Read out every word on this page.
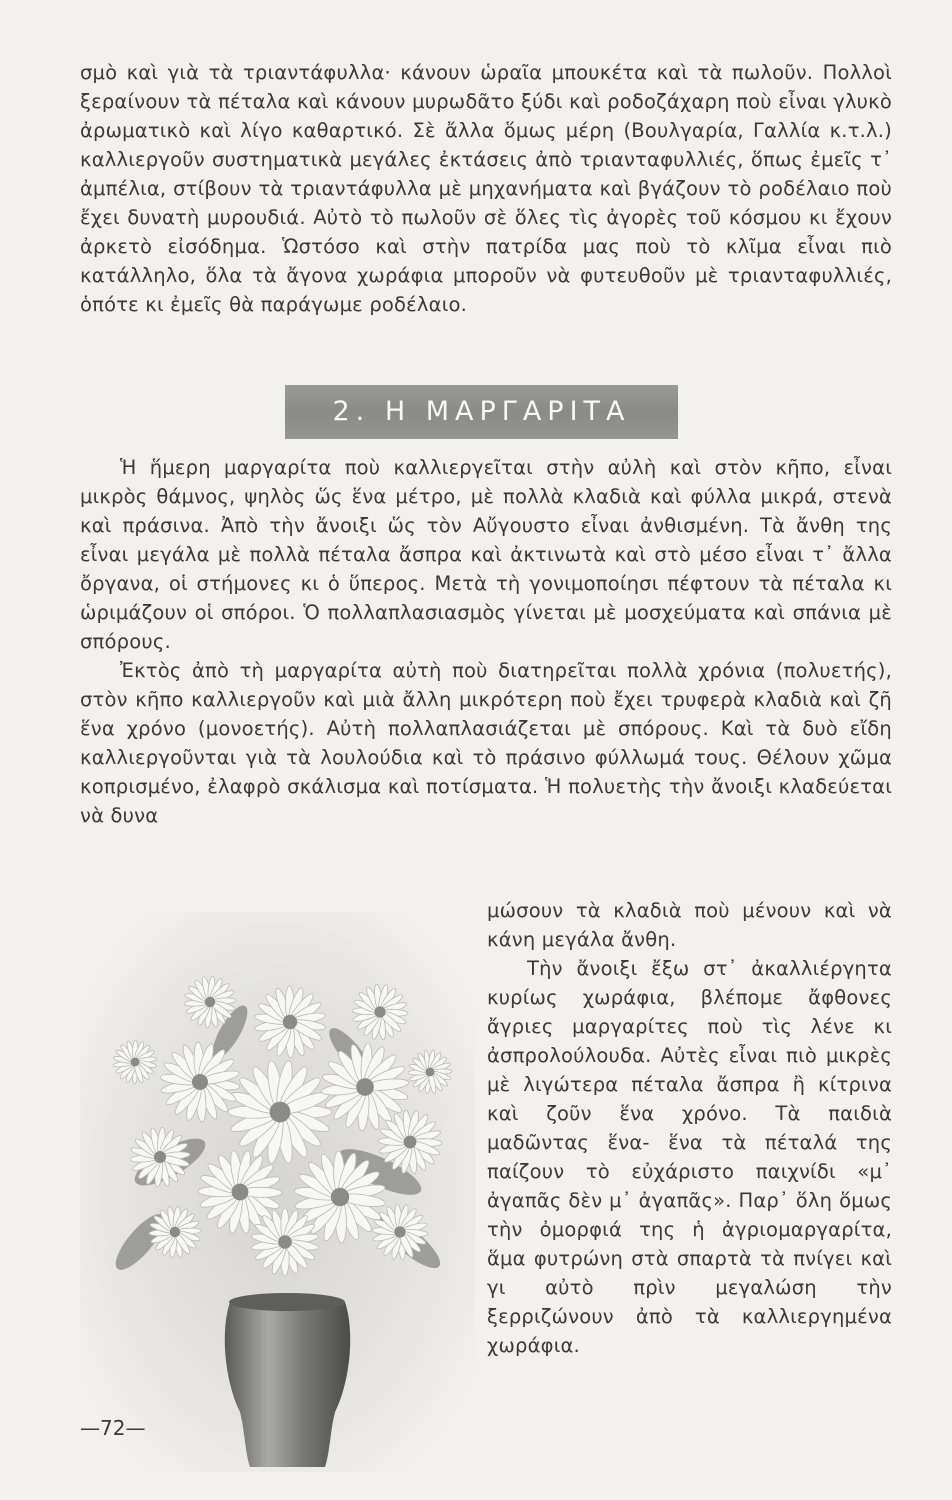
σμὸ καὶ γιὰ τὰ τριαντάφυλλα· κάνουν ὡραῖα μπουκέτα καὶ τὰ πωλοῦν. Πολλοὶ ξεραίνουν τὰ πέταλα καὶ κάνουν μυρωδᾶτο ξύδι καὶ ροδοζάχαρη ποὺ εἶναι γλυκὸ ἀρωματικὸ καὶ λίγο καθαρτικό. Σὲ ἄλλα ὅμως μέρη (Βουλγαρία, Γαλλία κ.τ.λ.) καλλιεργοῦν συστηματικὰ μεγάλες ἐκτάσεις ἀπὸ τριανταφυλλιές, ὅπως ἐμεῖς τ᾿ ἀμπέλια, στίβουν τὰ τριαντάφυλλα μὲ μηχανήματα καὶ βγάζουν τὸ ροδέλαιο ποὺ ἔχει δυνατὴ μυρουδιά. Αὐτὸ τὸ πωλοῦν σὲ ὅλες τὶς ἀγορὲς τοῦ κόσμου κι ἔχουν ἀρκετὸ εἰσόδημα. Ὡστόσο καὶ στὴν πατρίδα μας ποὺ τὸ κλῖμα εἶναι πιὸ κατάλληλο, ὅλα τὰ ἄγονα χωράφια μποροῦν νὰ φυτευθοῦν μὲ τριανταφυλλιές, ὁπότε κι ἐμεῖς θὰ παράγωμε ροδέλαιο.

2. Η ΜΑΡΓΑΡΙΤΑ

Ἡ ἥμερη μαργαρίτα ποὺ καλλιεργεῖται στὴν αὐλὴ καὶ στὸν κῆπο, εἶναι μικρὸς θάμνος, ψηλὸς ὥς ἕνα μέτρο, μὲ πολλὰ κλαδιὰ καὶ φύλλα μικρά, στενὰ καὶ πράσινα. Ἀπὸ τὴν ἄνοιξι ὥς τὸν Αὔγουστο εἶναι ἀνθισμένη. Τὰ ἄνθη της εἶναι μεγάλα μὲ πολλὰ πέταλα ἄσπρα καὶ ἀκτινωτὰ καὶ στὸ μέσο εἶναι τ᾿ ἄλλα ὄργανα, οἱ στήμονες κι ὁ ὕπερος. Μετὰ τὴ γονιμοποίησι πέφτουν τὰ πέταλα κι ὡριμάζουν οἱ σπόροι. Ὁ πολλαπλασιασμὸς γίνεται μὲ μοσχεύματα καὶ σπάνια μὲ σπόρους.

Ἐκτὸς ἀπὸ τὴ μαργαρίτα αὐτὴ ποὺ διατηρεῖται πολλὰ χρόνια (πολυετής), στὸν κῆπο καλλιεργοῦν καὶ μιὰ ἄλλη μικρότερη ποὺ ἔχει τρυφερὰ κλαδιὰ καὶ ζῆ ἕνα χρόνο (μονοετής). Αὐτὴ πολλαπλασιάζεται μὲ σπόρους. Καὶ τὰ δυὸ εἴδη καλλιεργοῦνται γιὰ τὰ λουλούδια καὶ τὸ πράσινο φύλλωμά τους. Θέλουν χῶμα κοπρισμένο, ἐλαφρὸ σκάλισμα καὶ ποτίσματα. Ἡ πολυετὴς τὴν ἄνοιξι κλαδεύεται νὰ δυνα

μώσουν τὰ κλαδιὰ ποὺ μένουν καὶ νὰ κάνη μεγάλα ἄνθη.

Τὴν ἄνοιξι ἔξω στ᾿ ἀκαλλιέργητα κυρίως χωράφια, βλέπομε ἄφθονες ἄγριες μαργαρίτες ποὺ τὶς λένε κι ἀσπρολούλουδα. Αὐτὲς εἶναι πιὸ μικρὲς μὲ λιγώτερα πέταλα ἄσπρα ἢ κίτρινα καὶ ζοῦν ἕνα χρόνο. Τὰ παιδιὰ μαδῶντας ἕνα- ἕνα τὰ πέταλά της παίζουν τὸ εὐχάριστο παιχνίδι «μ᾿ ἀγαπᾶς δὲν μ᾿ ἀγαπᾶς». Παρ᾿ ὅλη ὅμως τὴν ὀμορφιά της ἡ ἀγριομαργαρίτα, ἅμα φυτρώνη στὰ σπαρτὰ τὰ πνίγει καὶ γι αὐτὸ πρὶν μεγαλώση τὴν ξερριζώνουν ἀπὸ τὰ καλλιεργημένα χωράφια.

—72—
